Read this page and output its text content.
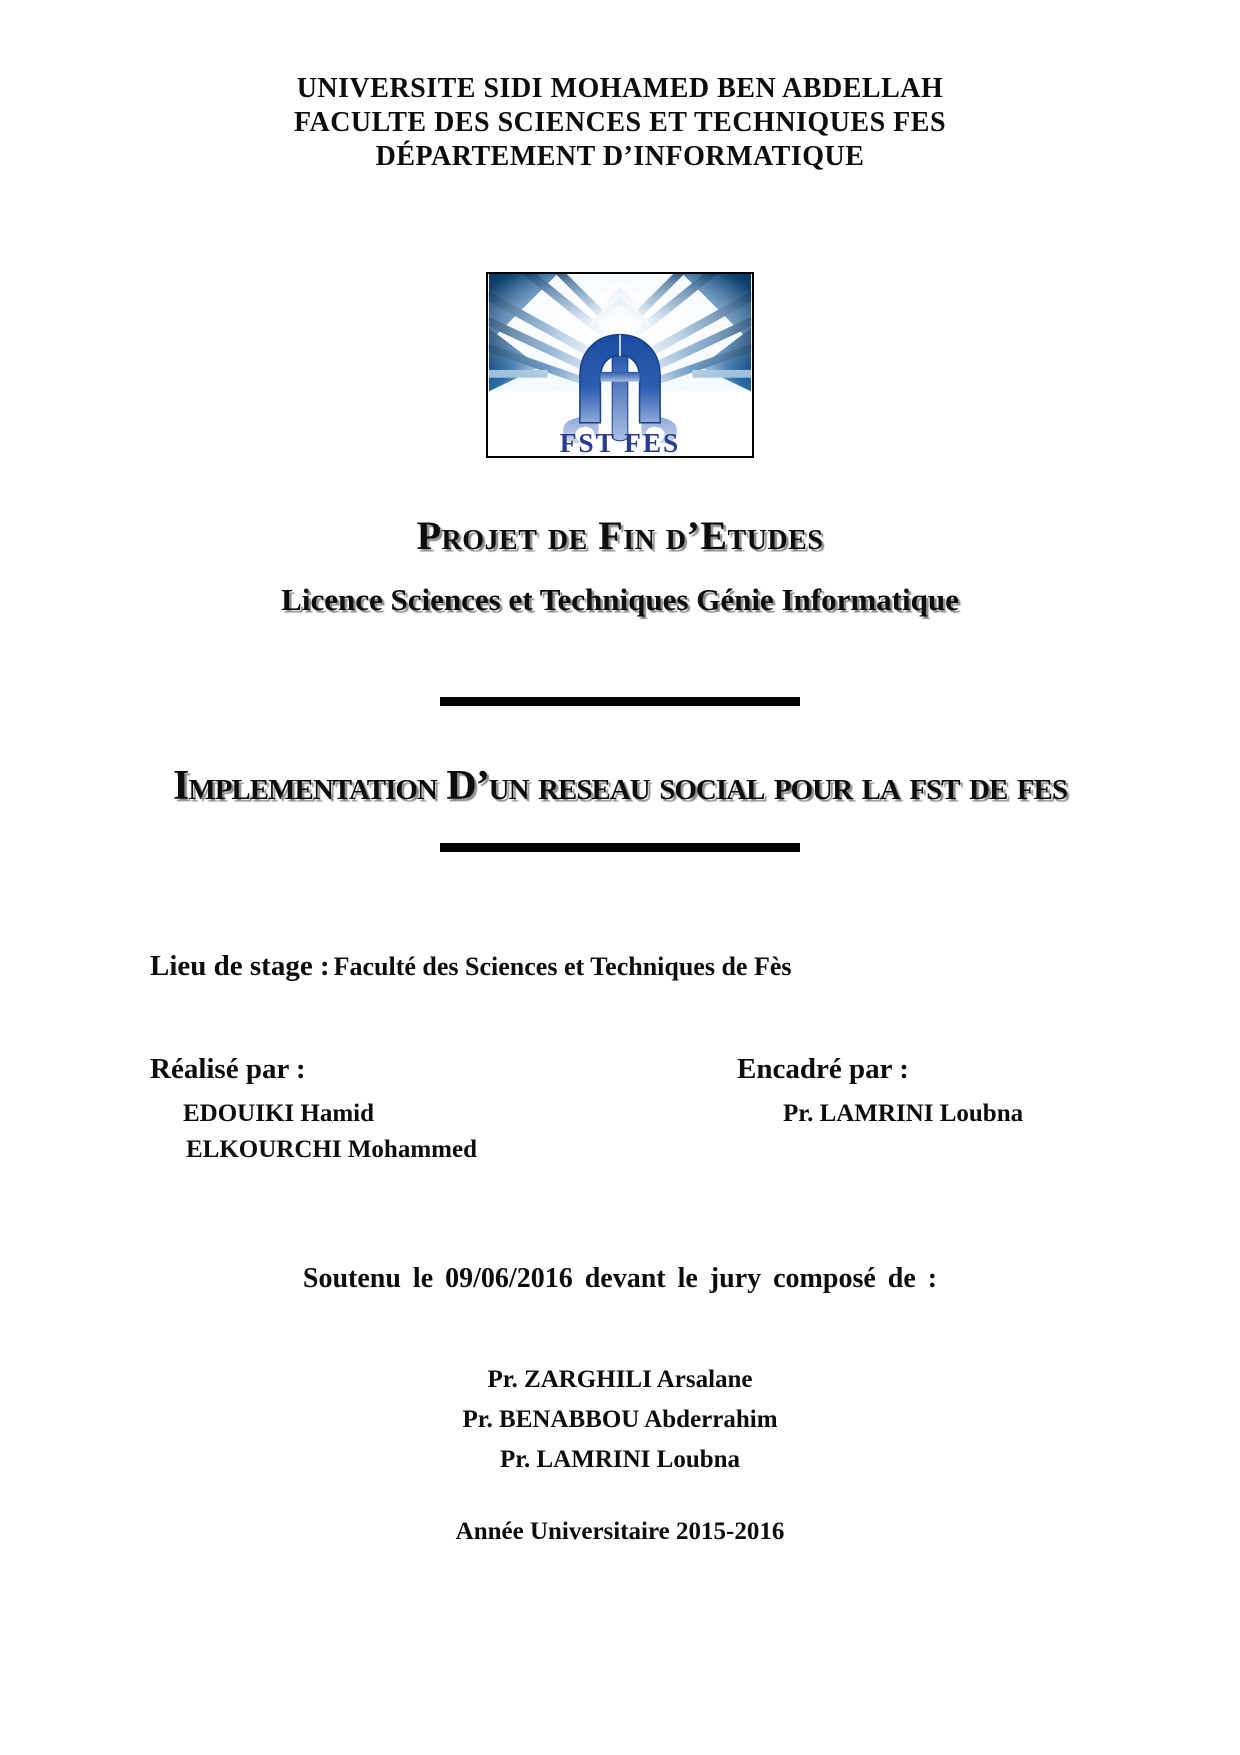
UNIVERSITE SIDI MOHAMED BEN ABDELLAH
FACULTE DES SCIENCES ET TECHNIQUES FES
DÉPARTEMENT D’INFORMATIQUE
FST FES
Projet de Fin d’Etudes
Licence Sciences et Techniques Génie Informatique
Implementation D’un reseau social pour la fst de fes
Lieu de stage : Faculté des Sciences et Techniques de Fès
Réalisé par :	Encadré par :
EDOUIKI Hamid
ELKOURCHI Mohammed
Pr. LAMRINI Loubna
Soutenu le 09/06/2016 devant le jury composé de :
Pr. ZARGHILI Arsalane
Pr. BENABBOU Abderrahim
Pr. LAMRINI Loubna
Année Universitaire 2015-2016
